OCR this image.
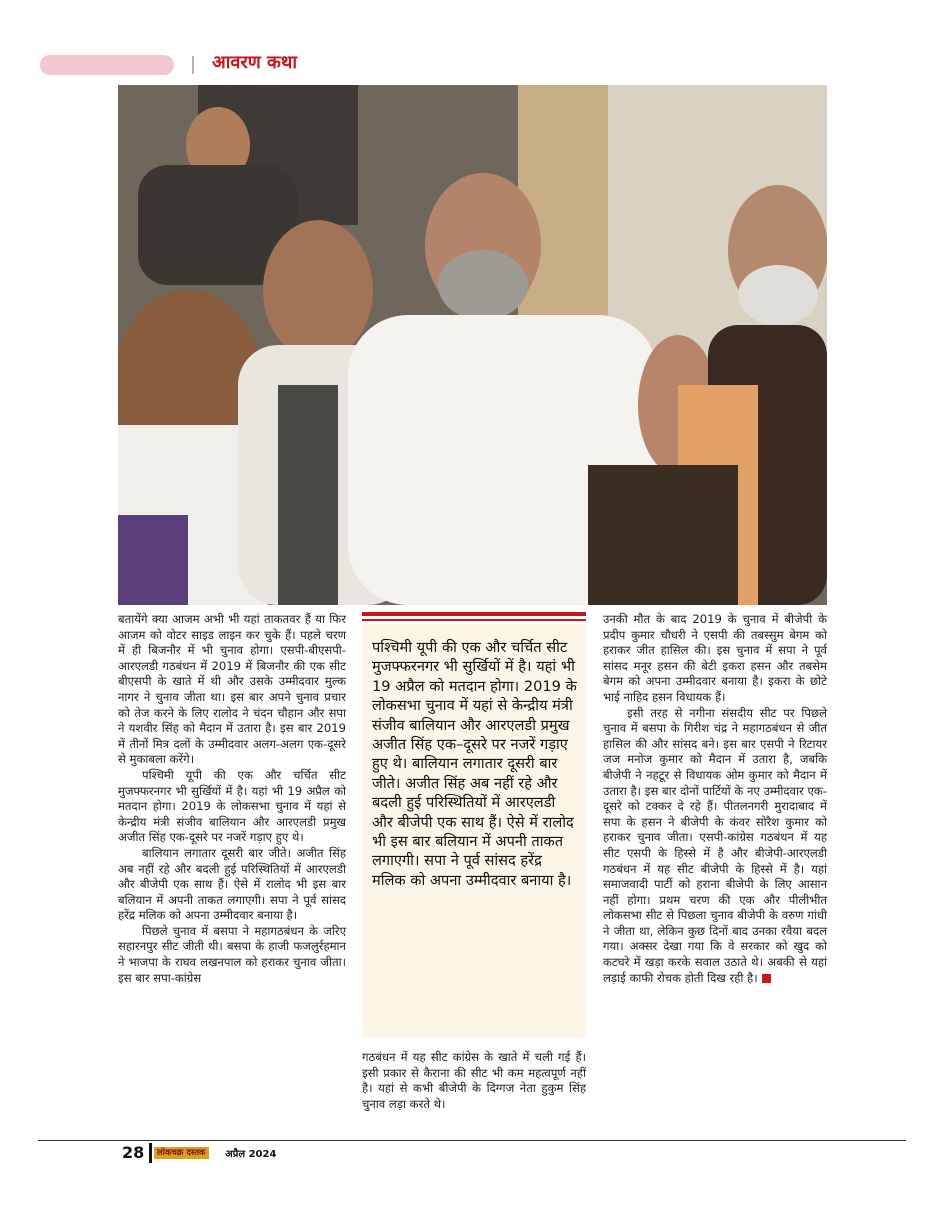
आवरण कथा

बतायेंगे क्या आजम अभी भी यहां ताकतवर हैं या फिर आजम को वोटर साइड लाइन कर चुके हैं। पहले चरण में ही बिजनौर में भी चुनाव होगा। एसपी-बीएसपी-आरएलडी गठबंधन में 2019 में बिजनौर की एक सीट बीएसपी के खाते में थी और उसके उम्मीदवार मुल्क नागर ने चुनाव जीता था। इस बार अपने चुनाव प्रचार को तेज करने के लिए रालोद ने चंदन चौहान और सपा ने यशवीर सिंह को मैदान में उतारा है। इस बार 2019 में तीनों मित्र दलों के उम्मीदवार अलग-अलग एक-दूसरे से मुकाबला करेंगे।

पश्चिमी यूपी की एक और चर्चित सीट मुजफ्फरनगर भी सुर्खियों में है। यहां भी 19 अप्रैल को मतदान होगा। 2019 के लोकसभा चुनाव में यहां से केन्द्रीय मंत्री संजीव बालियान और आरएलडी प्रमुख अजीत सिंह एक-दूसरे पर नजरें गड़ाए हुए थे।

बालियान लगातार दूसरी बार जीते। अजीत सिंह अब नहीं रहे और बदली हुई परिस्थितियों में आरएलडी और बीजेपी एक साथ हैं। ऐसे में रालोद भी इस बार बलियान में अपनी ताकत लगाएगी। सपा ने पूर्व सांसद हरेंद्र मलिक को अपना उम्मीदवार बनाया है।

पिछले चुनाव में बसपा ने महागठबंधन के जरिए सहारनपुर सीट जीती थी। बसपा के हाजी फजलुर्रहमान ने भाजपा के राघव लखनपाल को हराकर चुनाव जीता। इस बार सपा-कांग्रेस

पश्चिमी यूपी की एक और चर्चित सीट मुजफ्फरनगर भी सुर्खियों में है। यहां भी 19 अप्रैल को मतदान होगा। 2019 के लोकसभा चुनाव में यहां से केन्द्रीय मंत्री संजीव बालियान और आरएलडी प्रमुख अजीत सिंह एक–दूसरे पर नजरें गड़ाए हुए थे। बालियान लगातार दूसरी बार जीते। अजीत सिंह अब नहीं रहे और बदली हुई परिस्थितियों में आरएलडी और बीजेपी एक साथ हैं। ऐसे में रालोद भी इस बार बलियान में अपनी ताकत लगाएगी। सपा ने पूर्व सांसद हरेंद्र मलिक को अपना उम्मीदवार बनाया है।

गठबंधन में यह सीट कांग्रेस के खाते में चली गई हैं। इसी प्रकार से कैराना की सीट भी कम महत्वपूर्ण नहीं है। यहां से कभी बीजेपी के दिग्गज नेता हुकुम सिंह चुनाव लड़ा करते थे।

उनकी मौत के बाद 2019 के चुनाव में बीजेपी के प्रदीप कुमार चौधरी ने एसपी की तबस्सुम बेगम को हराकर जीत हासिल की। इस चुनाव में सपा ने पूर्व सांसद मनूर हसन की बेटी इकरा हसन और तबसेम बेगम को अपना उम्मीदवार बनाया है। इकरा के छोटे भाई नाहिद हसन विधायक हैं।

इसी तरह से नगीना संसदीय सीट पर पिछले चुनाव में बसपा के गिरीश चंद्र ने महागठबंधन से जीत हासिल की और सांसद बने। इस बार एसपी ने रिटायर जज मनोज कुमार को मैदान में उतारा है, जबकि बीजेपी ने नहटूर से विधायक ओम कुमार को मैदान में उतारा है। इस बार दोनों पार्टियों के नए उम्मीदवार एक-दूसरे को टक्कर दे रहे हैं। पीतलनगरी मुरादाबाद में सपा के हसन ने बीजेपी के कंवर सोरैश कुमार को हराकर चुनाव जीता। एसपी-कांग्रेस गठबंधन में यह सीट एसपी के हिस्से में है और बीजेपी-आरएलडी गठबंधन में यह सीट बीजेपी के हिस्से में है। यहां समाजवादी पार्टी को हराना बीजेपी के लिए आसान नहीं होगा। प्रथम चरण की एक और पीलीभीत लोकसभा सीट से पिछला चुनाव बीजेपी के वरुण गांधी ने जीता था, लेकिन कुछ दिनों बाद उनका रवैया बदल गया। अक्सर देखा गया कि वे सरकार को खुद को कटघरे में खड़ा करके सवाल उठाते थे। अबकी से यहां लड़ाई काफी रोचक होती दिख रही है।

28	लोकचक्र दस्तक	अप्रैल 2024
